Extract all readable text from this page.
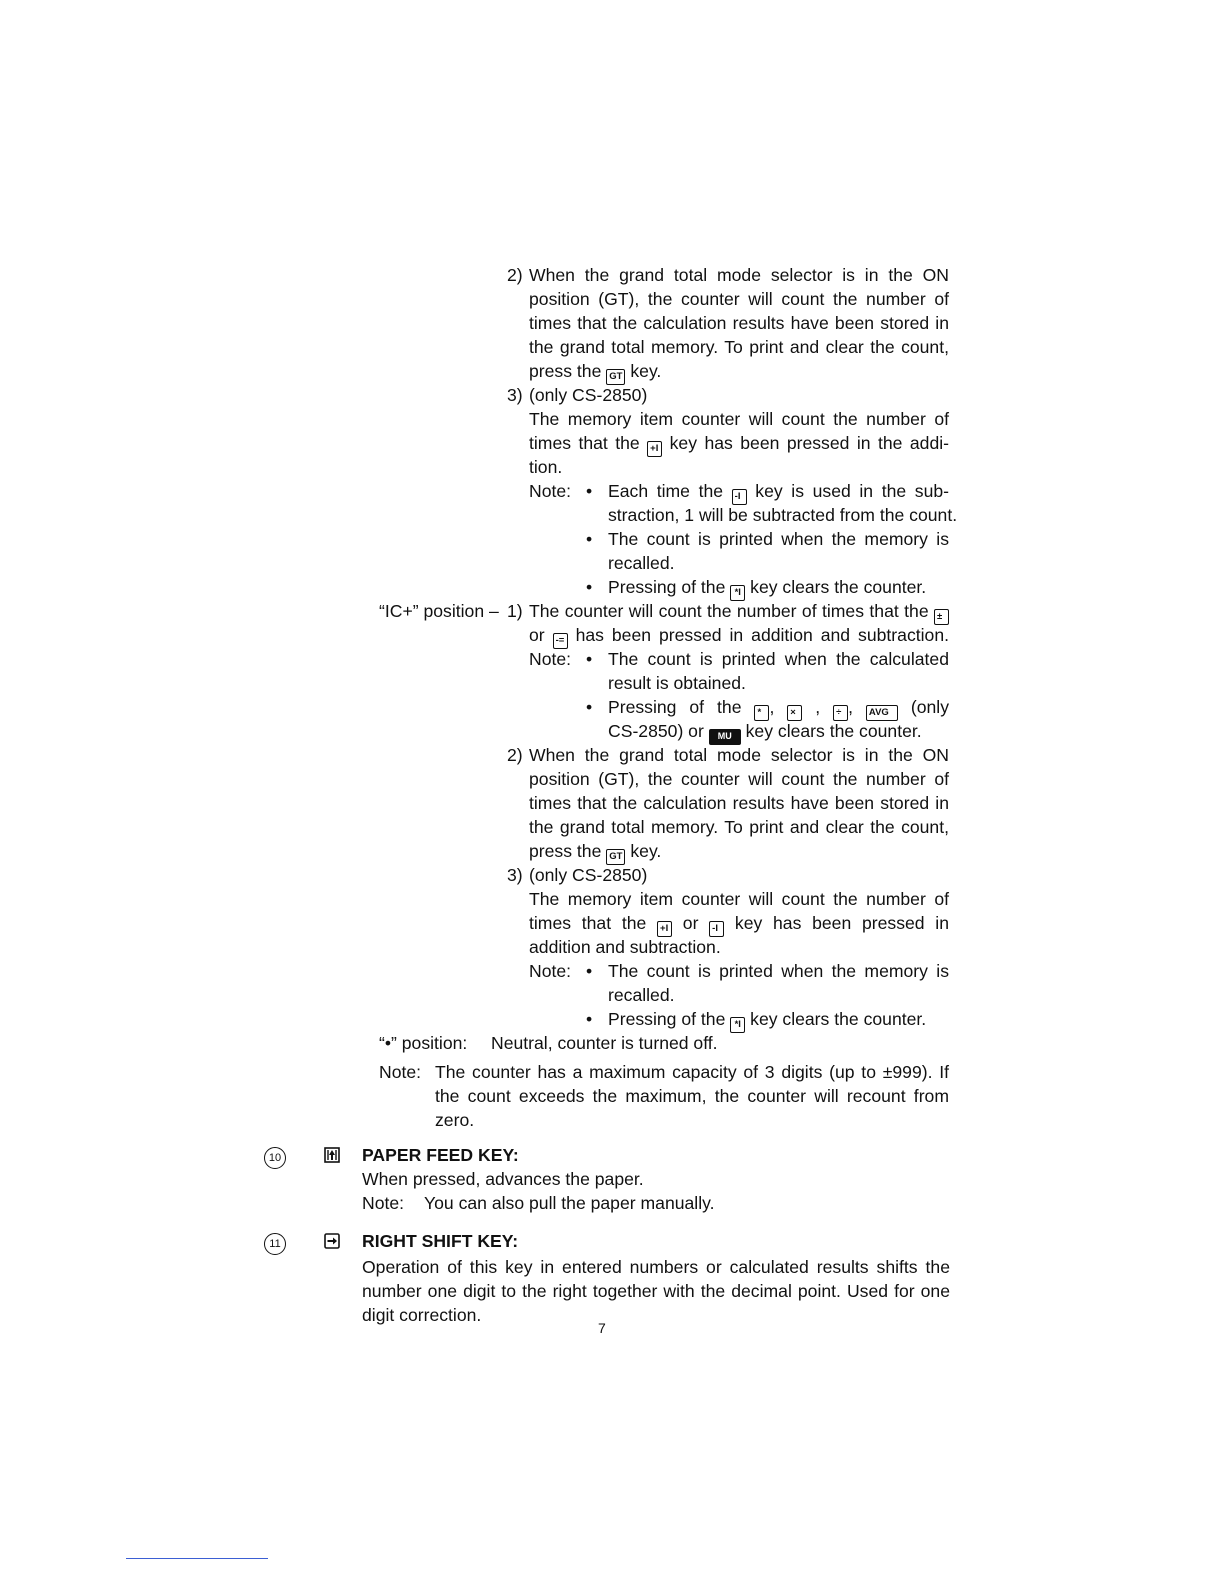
2) When the grand total mode selector is in the ON
position (GT), the counter will count the number of
times that the calculation results have been stored in
the grand total memory. To print and clear the count,
press the GT key.
3) (only CS-2850)
The memory item counter will count the number of
times that the +I key has been pressed in the addi-
tion.
Note: • Each time the -I key is used in the sub-
straction, 1 will be subtracted from the count.
• The count is printed when the memory is
recalled.
• Pressing of the *I key clears the counter.
“IC+” position – 1) The counter will count the number of times that the ±
or -= has been pressed in addition and subtraction.
Note: • The count is printed when the calculated
result is obtained.
• Pressing of the * , × , ÷ , AVG (only
CS-2850) or MU key clears the counter.
2) When the grand total mode selector is in the ON
position (GT), the counter will count the number of
times that the calculation results have been stored in
the grand total memory. To print and clear the count,
press the GT key.
3) (only CS-2850)
The memory item counter will count the number of
times that the +I or -I key has been pressed in
addition and subtraction.
Note: • The count is printed when the memory is
recalled.
• Pressing of the *I key clears the counter.
“•” position: Neutral, counter is turned off.
Note: The counter has a maximum capacity of 3 digits (up to ±999). If
the count exceeds the maximum, the counter will recount from
zero.
10	PAPER FEED KEY:
When pressed, advances the paper.
Note: You can also pull the paper manually.
11	RIGHT SHIFT KEY:
Operation of this key in entered numbers or calculated results shifts the
number one digit to the right together with the decimal point. Used for one
digit correction.
7
